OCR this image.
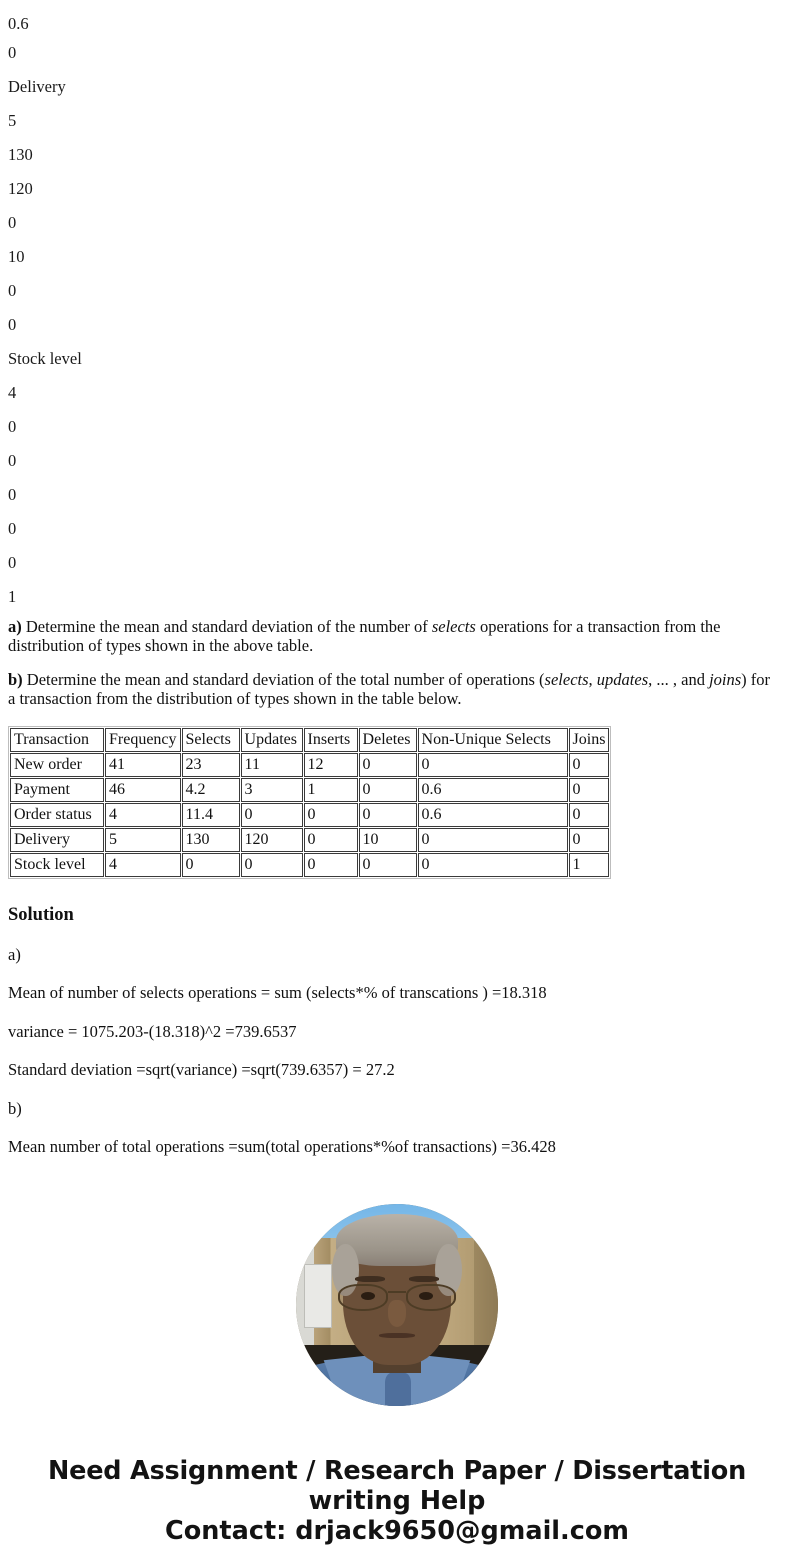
0.6
0
Delivery
5
130
120
0
10
0
0
Stock level
4
0
0
0
0
0
1

a) Determine the mean and standard deviation of the number of selects operations for a transaction from the distribution of types shown in the above table.

b) Determine the mean and standard deviation of the total number of operations (selects, updates, ... , and joins) for a transaction from the distribution of types shown in the table below.

Transaction	Frequency	Selects	Updates	Inserts	Deletes	Non-Unique Selects	Joins
New order	41	23	11	12	0	0	0
Payment	46	4.2	3	1	0	0.6	0
Order status	4	11.4	0	0	0	0.6	0
Delivery	5	130	120	0	10	0	0
Stock level	4	0	0	0	0	0	1
Solution

a)

Mean of number of selects operations = sum (selects*% of transcations ) =18.318

variance = 1075.203-(18.318)^2 =739.6537

Standard deviation =sqrt(variance) =sqrt(739.6357) = 27.2

b)

Mean number of total operations =sum(total operations*%of transactions) =36.428

Need Assignment / Research Paper / Dissertation
writing Help
Contact: drjack9650@gmail.com
